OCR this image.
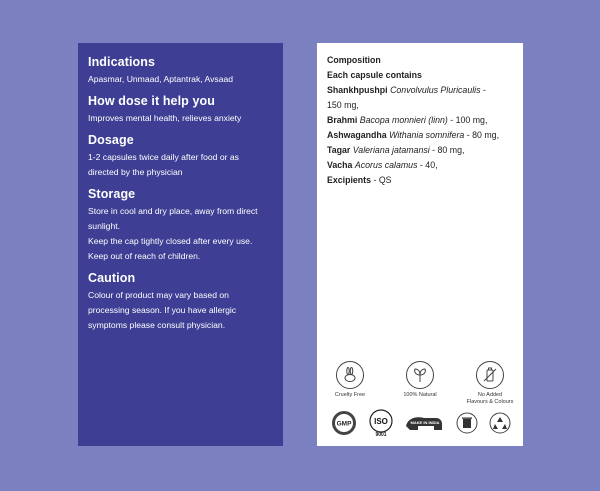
Indications

Apasmar, Unmaad, Aptantrak, Avsaad

How dose it help you

Improves mental health, relieves anxiety

Dosage

1-2 capsules twice daily after food or as

directed by the physician

Storage

Store in cool and dry place, away from direct

sunlight.

Keep the cap tightly closed after every use.

Keep out of reach of children.

Caution

Colour of product may vary based on

processing season. If you have allergic

symptoms please consult physician.

Composition

Each capsule contains

Shankhpushpi Convolvulus Pluricaulis -

150 mg,

Brahmi Bacopa monnieri (linn) - 100 mg,

Ashwagandha Withania somnifera - 80 mg,

Tagar Valeriana jatamansi - 80 mg,

Vacha Acorus calamus - 40,

Excipients - QS

Cruelty Free	100% Natural	No Added
Flavours & Colours
GMP	ISO
9001
MAKE IN INDIA
